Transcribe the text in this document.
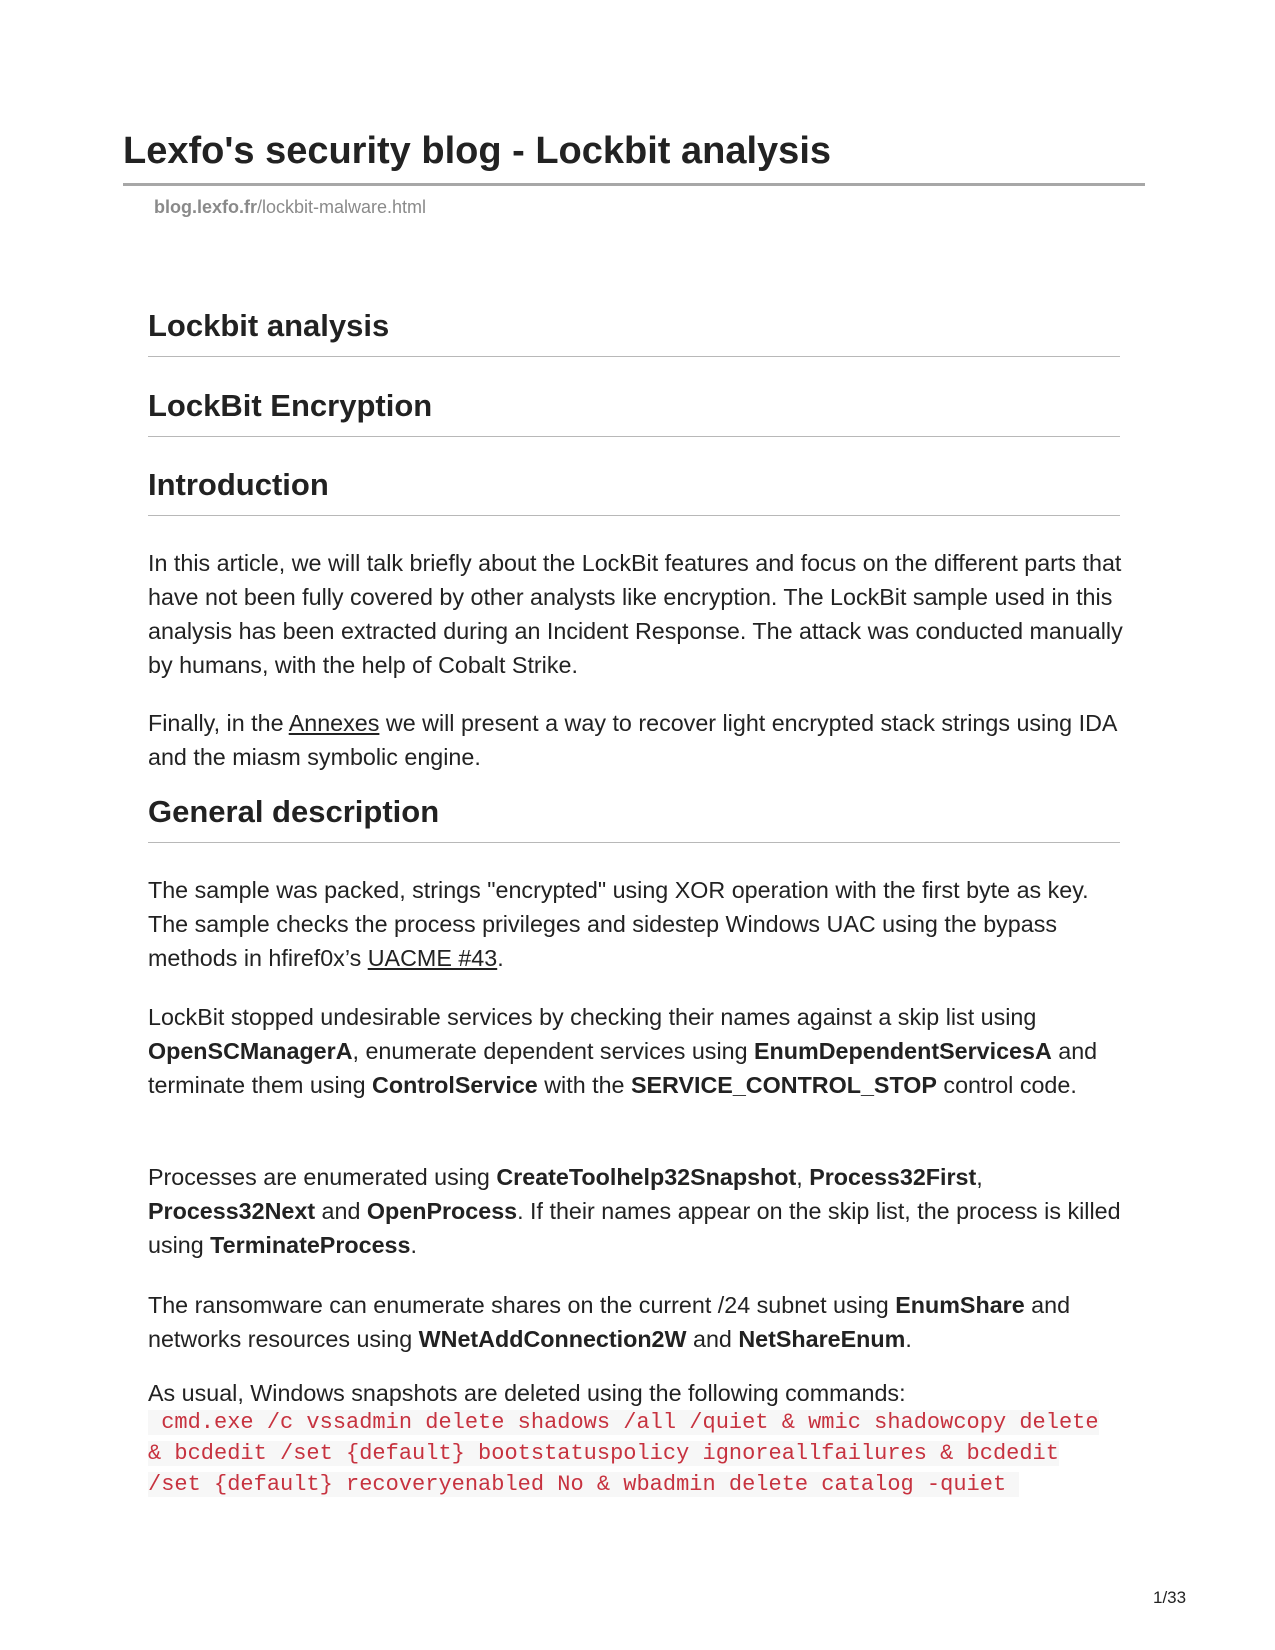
Lexfo's security blog - Lockbit analysis
blog.lexfo.fr/lockbit-malware.html
Lockbit analysis
LockBit Encryption
Introduction

In this article, we will talk briefly about the LockBit features and focus on the different parts that have not been fully covered by other analysts like encryption. The LockBit sample used in this analysis has been extracted during an Incident Response. The attack was conducted manually by humans, with the help of Cobalt Strike.

Finally, in the Annexes we will present a way to recover light encrypted stack strings using IDA and the miasm symbolic engine.

General description

The sample was packed, strings "encrypted" using XOR operation with the first byte as key. The sample checks the process privileges and sidestep Windows UAC using the bypass methods in hfiref0x’s UACME #43.

LockBit stopped undesirable services by checking their names against a skip list using OpenSCManagerA, enumerate dependent services using EnumDependentServicesA and terminate them using ControlService with the SERVICE_CONTROL_STOP control code.

Processes are enumerated using CreateToolhelp32Snapshot, Process32First, Process32Next and OpenProcess. If their names appear on the skip list, the process is killed using TerminateProcess.

The ransomware can enumerate shares on the current /24 subnet using EnumShare and networks resources using WNetAddConnection2W and NetShareEnum.

As usual, Windows snapshots are deleted using the following commands:

cmd.exe /c vssadmin delete shadows /all /quiet & wmic shadowcopy delete
& bcdedit /set {default} bootstatuspolicy ignoreallfailures & bcdedit
/set {default} recoveryenabled No & wbadmin delete catalog -quiet
1/33
